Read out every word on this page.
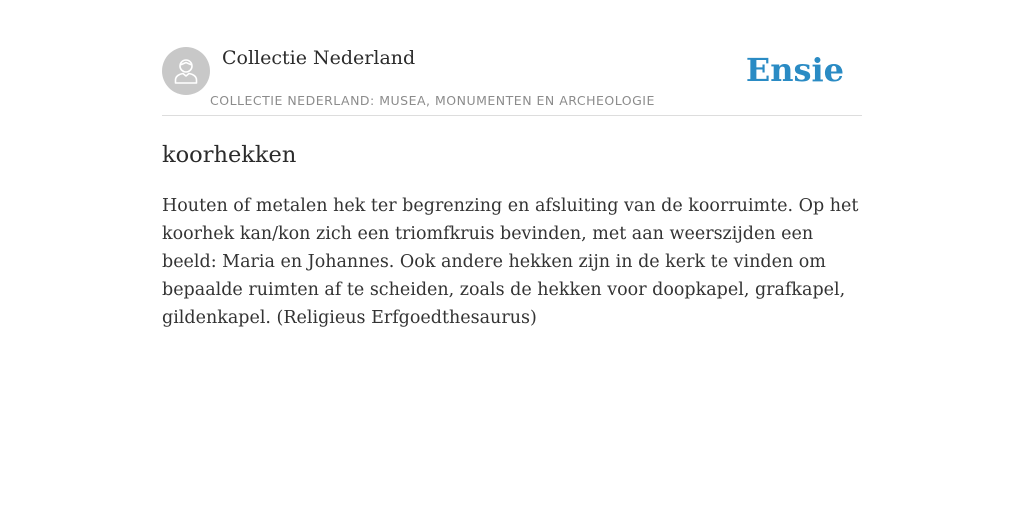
Collectie Nederland
COLLECTIE NEDERLAND: MUSEA, MONUMENTEN EN ARCHEOLOGIE
Ensie
koorhekken

Houten of metalen hek ter begrenzing en afsluiting van de koorruimte. Op het koorhek kan/kon zich een triomfkruis bevinden, met aan weerszijden een beeld: Maria en Johannes. Ook andere hekken zijn in de kerk te vinden om bepaalde ruimten af te scheiden, zoals de hekken voor doopkapel, grafkapel, gildenkapel. (Religieus Erfgoedthesaurus)
